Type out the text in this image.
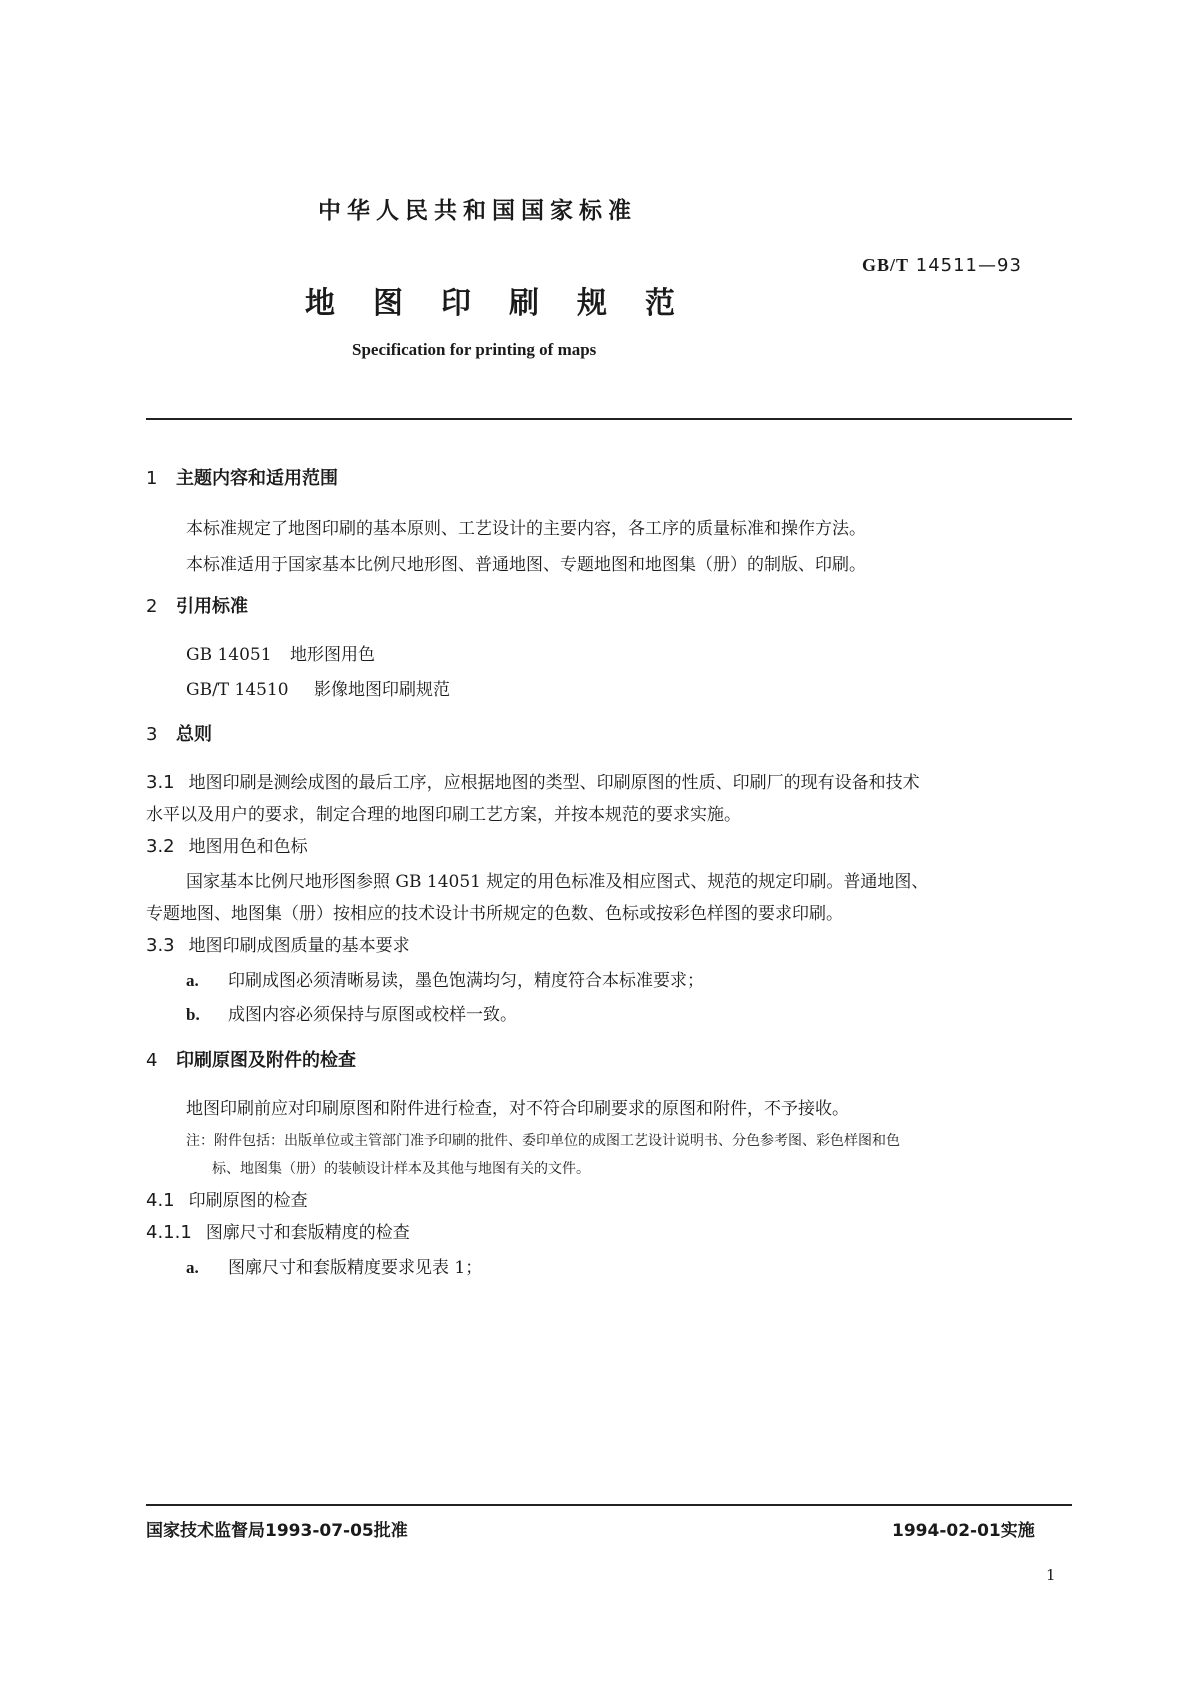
中华人民共和国国家标准
GB/T 14511—93
地图印刷规范
Specification for printing of maps
1 主题内容和适用范围
本标准规定了地图印刷的基本原则、工艺设计的主要内容，各工序的质量标准和操作方法。
本标准适用于国家基本比例尺地形图、普通地图、专题地图和地图集（册）的制版、印刷。
2 引用标准
GB 14051 地形图用色
GB/T 14510 影像地图印刷规范
3 总则
3.1 地图印刷是测绘成图的最后工序，应根据地图的类型、印刷原图的性质、印刷厂的现有设备和技术
水平以及用户的要求，制定合理的地图印刷工艺方案，并按本规范的要求实施。
3.2 地图用色和色标
国家基本比例尺地形图参照 GB 14051 规定的用色标准及相应图式、规范的规定印刷。普通地图、
专题地图、地图集（册）按相应的技术设计书所规定的色数、色标或按彩色样图的要求印刷。
3.3 地图印刷成图质量的基本要求
a. 印刷成图必须清晰易读，墨色饱满均匀，精度符合本标准要求；
b. 成图内容必须保持与原图或校样一致。
4 印刷原图及附件的检查
地图印刷前应对印刷原图和附件进行检查，对不符合印刷要求的原图和附件，不予接收。
注：附件包括：出版单位或主管部门准予印刷的批件、委印单位的成图工艺设计说明书、分色参考图、彩色样图和色
标、地图集（册）的装帧设计样本及其他与地图有关的文件。
4.1 印刷原图的检查
4.1.1 图廓尺寸和套版精度的检查
a. 图廓尺寸和套版精度要求见表 1；
国家技术监督局1993-07-05批准	1994-02-01实施
1
